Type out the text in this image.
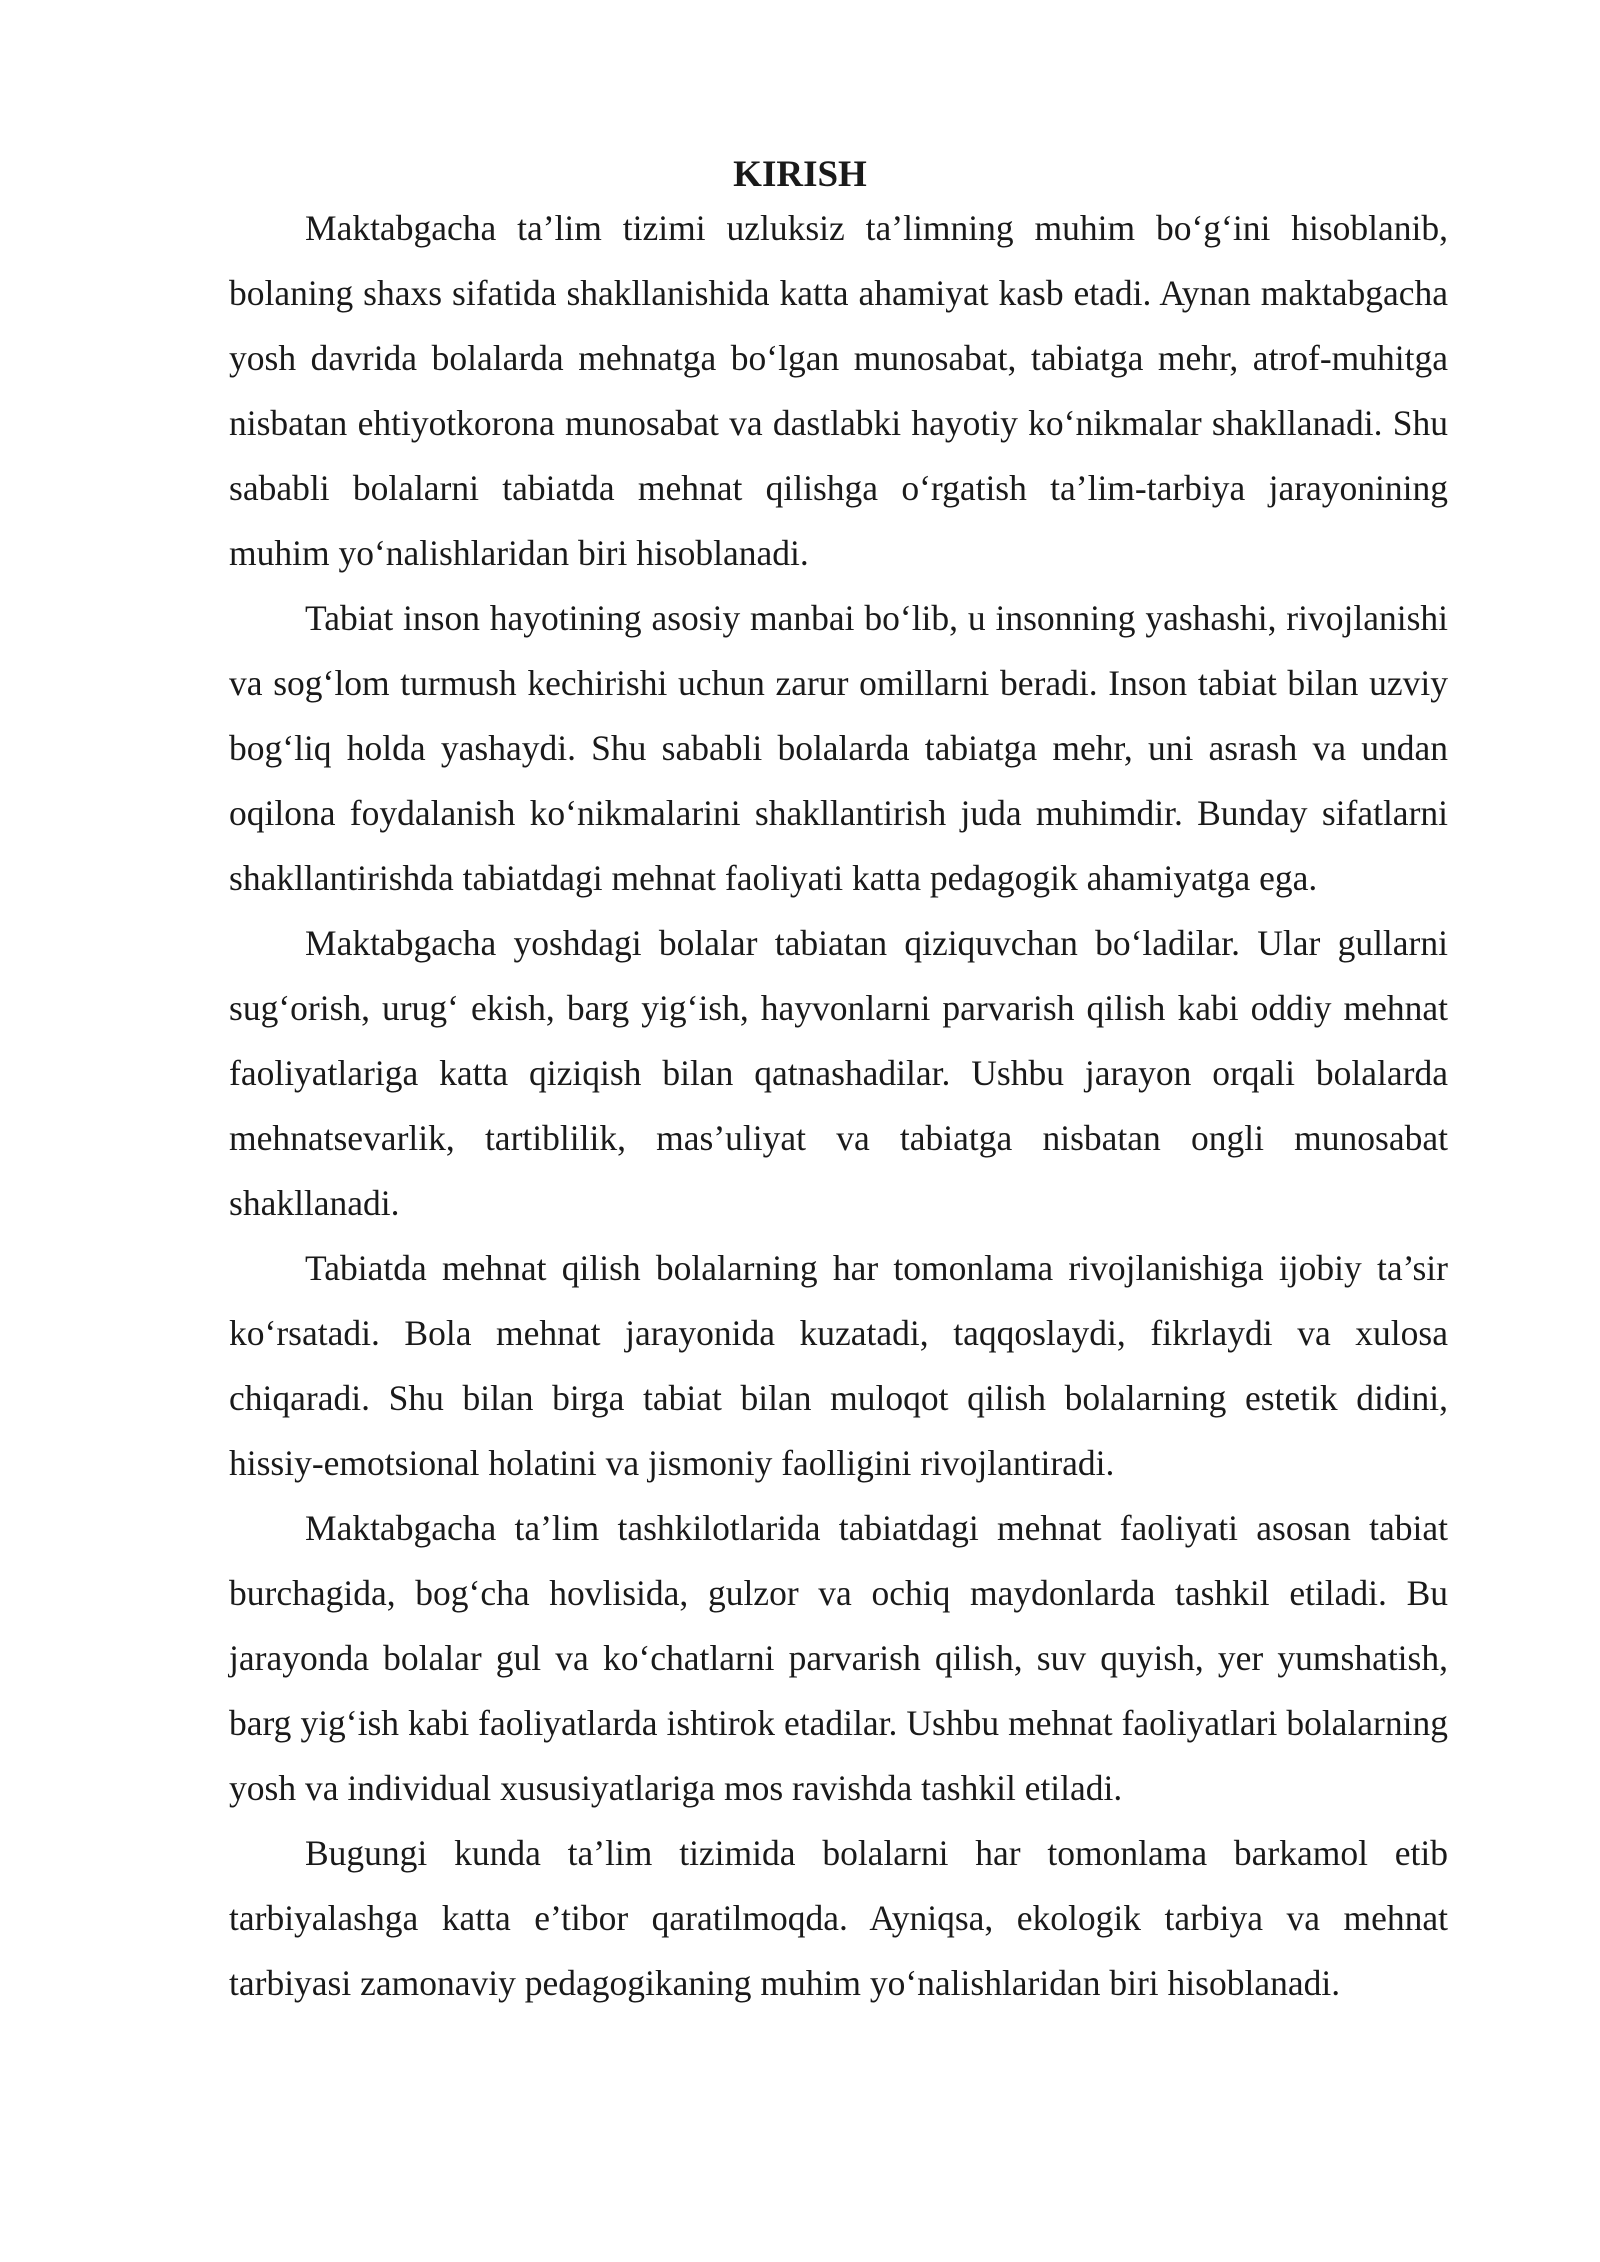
KIRISH

Maktabgacha ta’lim tizimi uzluksiz ta’limning muhim bo‘g‘ini hisoblanib, bolaning shaxs sifatida shakllanishida katta ahamiyat kasb etadi. Aynan maktabgacha yosh davrida bolalarda mehnatga bo‘lgan munosabat, tabiatga mehr, atrof-muhitga nisbatan ehtiyotkorona munosabat va dastlabki hayotiy ko‘nikmalar shakllanadi. Shu sababli bolalarni tabiatda mehnat qilishga o‘rgatish ta’lim-tarbiya jarayonining muhim yo‘nalishlaridan biri hisoblanadi.

Tabiat inson hayotining asosiy manbai bo‘lib, u insonning yashashi, rivojlanishi va sog‘lom turmush kechirishi uchun zarur omillarni beradi. Inson tabiat bilan uzviy bog‘liq holda yashaydi. Shu sababli bolalarda tabiatga mehr, uni asrash va undan oqilona foydalanish ko‘nikmalarini shakllantirish juda muhimdir. Bunday sifatlarni shakllantirishda tabiatdagi mehnat faoliyati katta pedagogik ahamiyatga ega.

Maktabgacha yoshdagi bolalar tabiatan qiziquvchan bo‘ladilar. Ular gullarni sug‘orish, urug‘ ekish, barg yig‘ish, hayvonlarni parvarish qilish kabi oddiy mehnat faoliyatlariga katta qiziqish bilan qatnashadilar. Ushbu jarayon orqali bolalarda mehnatsevarlik, tartiblilik, mas’uliyat va tabiatga nisbatan ongli munosabat shakllanadi.

Tabiatda mehnat qilish bolalarning har tomonlama rivojlanishiga ijobiy ta’sir ko‘rsatadi. Bola mehnat jarayonida kuzatadi, taqqoslaydi, fikrlaydi va xulosa chiqaradi. Shu bilan birga tabiat bilan muloqot qilish bolalarning estetik didini, hissiy-emotsional holatini va jismoniy faolligini rivojlantiradi.

Maktabgacha ta’lim tashkilotlarida tabiatdagi mehnat faoliyati asosan tabiat burchagida, bog‘cha hovlisida, gulzor va ochiq maydonlarda tashkil etiladi. Bu jarayonda bolalar gul va ko‘chatlarni parvarish qilish, suv quyish, yer yumshatish, barg yig‘ish kabi faoliyatlarda ishtirok etadilar. Ushbu mehnat faoliyatlari bolalarning yosh va individual xususiyatlariga mos ravishda tashkil etiladi.

Bugungi kunda ta’lim tizimida bolalarni har tomonlama barkamol etib tarbiyalashga katta e’tibor qaratilmoqda. Ayniqsa, ekologik tarbiya va mehnat tarbiyasi zamonaviy pedagogikaning muhim yo‘nalishlaridan biri hisoblanadi.
